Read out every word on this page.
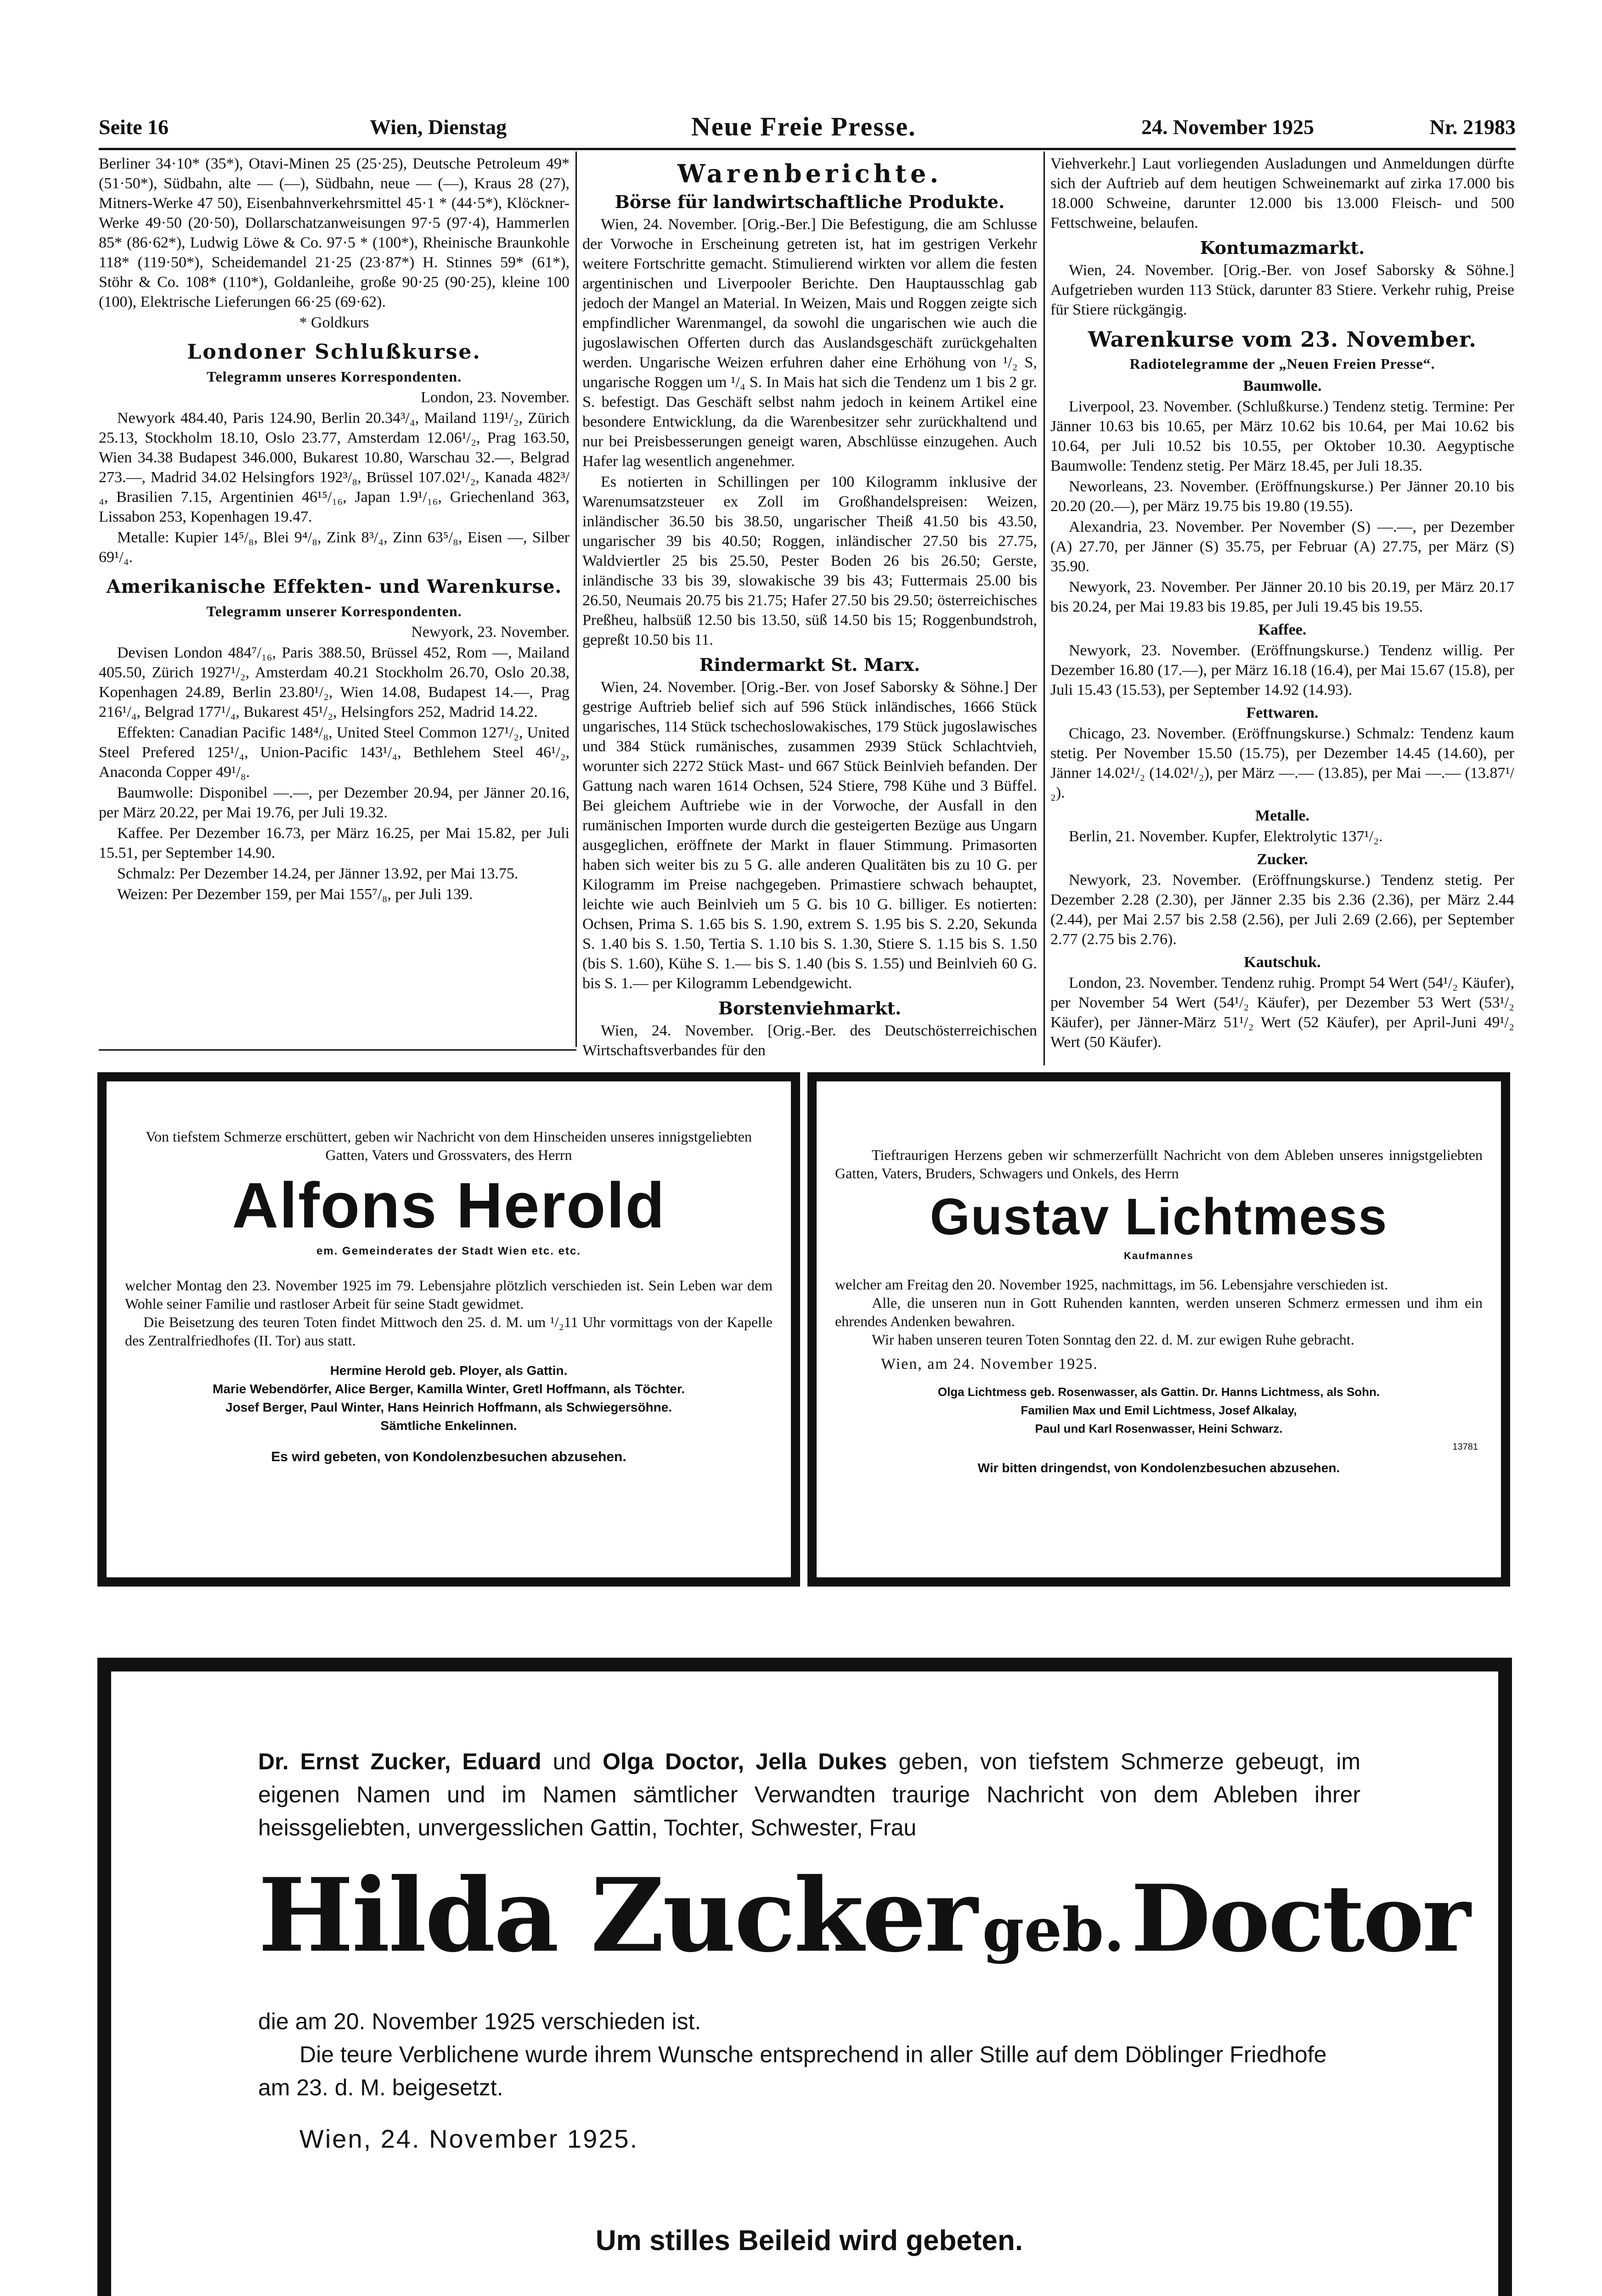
Seite 16	Wien, Dienstag	Neue Freie Presse.	24. November 1925	Nr. 21983

Berliner 34·10* (35*), Otavi-Minen 25 (25·25), Deutsche Petroleum 49* (51·50*), Südbahn, alte — (—), Südbahn, neue — (—), Kraus 28 (27), Mitners-Werke 47 50), Eisenbahnverkehrsmittel 45·1 * (44·5*), Klöckner-Werke 49·50 (20·50), Dollarschatzanweisungen 97·5 (97·4), Hammerlen 85* (86·62*), Ludwig Löwe & Co. 97·5 * (100*), Rheinische Braunkohle 118* (119·50*), Scheidemandel 21·25 (23·87*) H. Stinnes 59* (61*), Stöhr & Co. 108* (110*), Goldanleihe, große 90·25 (90·25), kleine 100 (100), Elektrische Lieferungen 66·25 (69·62).

* Goldkurs

Londoner Schlußkurse.
Telegramm unseres Korrespondenten.

London, 23. November.

Newyork 484.40, Paris 124.90, Berlin 20.34³/₄, Mailand 119¹/₂, Zürich 25.13, Stockholm 18.10, Oslo 23.77, Amsterdam 12.06¹/₂, Prag 163.50, Wien 34.38 Budapest 346.000, Bukarest 10.80, Warschau 32.—, Belgrad 273.—, Madrid 34.02 Helsingfors 192³/₈, Brüssel 107.02¹/₂, Kanada 482³/₄, Brasilien 7.15, Argentinien 46¹⁵/₁₆, Japan 1.9¹/₁₆, Griechenland 363, Lissabon 253, Kopenhagen 19.47.

Metalle: Kupier 14⁵/₈, Blei 9⁴/₈, Zink 8³/₄, Zinn 63⁵/₈, Eisen —, Silber 69¹/₄.

Amerikanische Effekten- und Warenkurse.
Telegramm unserer Korrespondenten.

Newyork, 23. November.

Devisen London 484⁷/₁₆, Paris 388.50, Brüssel 452, Rom —, Mailand 405.50, Zürich 1927¹/₂, Amsterdam 40.21 Stockholm 26.70, Oslo 20.38, Kopenhagen 24.89, Berlin 23.80¹/₂, Wien 14.08, Budapest 14.—, Prag 216¹/₄, Belgrad 177¹/₄, Bukarest 45¹/₂, Helsingfors 252, Madrid 14.22.

Effekten: Canadian Pacific 148⁴/₈, United Steel Common 127¹/₂, United Steel Prefered 125¹/₄, Union-Pacific 143¹/₄, Bethlehem Steel 46¹/₂, Anaconda Copper 49¹/₈.

Baumwolle: Disponibel —.—, per Dezember 20.94, per Jänner 20.16, per März 20.22, per Mai 19.76, per Juli 19.32.

Kaffee. Per Dezember 16.73, per März 16.25, per Mai 15.82, per Juli 15.51, per September 14.90.

Schmalz: Per Dezember 14.24, per Jänner 13.92, per Mai 13.75.

Weizen: Per Dezember 159, per Mai 155⁷/₈, per Juli 139.

Warenberichte.
Börse für landwirtschaftliche Produkte.

Wien, 24. November. [Orig.-Ber.] Die Befestigung, die am Schlusse der Vorwoche in Erscheinung getreten ist, hat im gestrigen Verkehr weitere Fortschritte gemacht. Stimulierend wirkten vor allem die festen argentinischen und Liverpooler Berichte. Den Hauptausschlag gab jedoch der Mangel an Material. In Weizen, Mais und Roggen zeigte sich empfindlicher Warenmangel, da sowohl die ungarischen wie auch die jugoslawischen Offerten durch das Auslandsgeschäft zurückgehalten werden. Ungarische Weizen erfuhren daher eine Erhöhung von ¹/₂ S, ungarische Roggen um ¹/₄ S. In Mais hat sich die Tendenz um 1 bis 2 gr. S. befestigt. Das Geschäft selbst nahm jedoch in keinem Artikel eine besondere Entwicklung, da die Warenbesitzer sehr zurückhaltend und nur bei Preisbesserungen geneigt waren, Abschlüsse einzugehen. Auch Hafer lag wesentlich angenehmer.

Es notierten in Schillingen per 100 Kilogramm inklusive der Warenumsatzsteuer ex Zoll im Großhandelspreisen: Weizen, inländischer 36.50 bis 38.50, ungarischer Theiß 41.50 bis 43.50, ungarischer 39 bis 40.50; Roggen, inländischer 27.50 bis 27.75, Waldviertler 25 bis 25.50, Pester Boden 26 bis 26.50; Gerste, inländische 33 bis 39, slowakische 39 bis 43; Futtermais 25.00 bis 26.50, Neumais 20.75 bis 21.75; Hafer 27.50 bis 29.50; österreichisches Preßheu, halbsüß 12.50 bis 13.50, süß 14.50 bis 15; Roggenbundstroh, gepreßt 10.50 bis 11.

Rindermarkt St. Marx.

Wien, 24. November. [Orig.-Ber. von Josef Saborsky & Söhne.] Der gestrige Auftrieb belief sich auf 596 Stück inländisches, 1666 Stück ungarisches, 114 Stück tschechoslowakisches, 179 Stück jugoslawisches und 384 Stück rumänisches, zusammen 2939 Stück Schlachtvieh, worunter sich 2272 Stück Mast- und 667 Stück Beinlvieh befanden. Der Gattung nach waren 1614 Ochsen, 524 Stiere, 798 Kühe und 3 Büffel. Bei gleichem Auftriebe wie in der Vorwoche, der Ausfall in den rumänischen Importen wurde durch die gesteigerten Bezüge aus Ungarn ausgeglichen, eröffnete der Markt in flauer Stimmung. Primasorten haben sich weiter bis zu 5 G. alle anderen Qualitäten bis zu 10 G. per Kilogramm im Preise nachgegeben. Primastiere schwach behauptet, leichte wie auch Beinlvieh um 5 G. bis 10 G. billiger. Es notierten: Ochsen, Prima S. 1.65 bis S. 1.90, extrem S. 1.95 bis S. 2.20, Sekunda S. 1.40 bis S. 1.50, Tertia S. 1.10 bis S. 1.30, Stiere S. 1.15 bis S. 1.50 (bis S. 1.60), Kühe S. 1.— bis S. 1.40 (bis S. 1.55) und Beinlvieh 60 G. bis S. 1.— per Kilogramm Lebendgewicht.

Borstenviehmarkt.

Wien, 24. November. [Orig.-Ber. des Deutschösterreichischen Wirtschaftsverbandes für den

Viehverkehr.] Laut vorliegenden Ausladungen und Anmeldungen dürfte sich der Auftrieb auf dem heutigen Schweinemarkt auf zirka 17.000 bis 18.000 Schweine, darunter 12.000 bis 13.000 Fleisch- und 500 Fettschweine, belaufen.

Kontumazmarkt.

Wien, 24. November. [Orig.-Ber. von Josef Saborsky & Söhne.] Aufgetrieben wurden 113 Stück, darunter 83 Stiere. Verkehr ruhig, Preise für Stiere rückgängig.

Warenkurse vom 23. November.
Radiotelegramme der „Neuen Freien Presse“.
Baumwolle.

Liverpool, 23. November. (Schlußkurse.) Tendenz stetig. Termine: Per Jänner 10.63 bis 10.65, per März 10.62 bis 10.64, per Mai 10.62 bis 10.64, per Juli 10.52 bis 10.55, per Oktober 10.30. Aegyptische Baumwolle: Tendenz stetig. Per März 18.45, per Juli 18.35.

Neworleans, 23. November. (Eröffnungskurse.) Per Jänner 20.10 bis 20.20 (20.—), per März 19.75 bis 19.80 (19.55).

Alexandria, 23. November. Per November (S) —.—, per Dezember (A) 27.70, per Jänner (S) 35.75, per Februar (A) 27.75, per März (S) 35.90.

Newyork, 23. November. Per Jänner 20.10 bis 20.19, per März 20.17 bis 20.24, per Mai 19.83 bis 19.85, per Juli 19.45 bis 19.55.

Kaffee.

Newyork, 23. November. (Eröffnungskurse.) Tendenz willig. Per Dezember 16.80 (17.—), per März 16.18 (16.4), per Mai 15.67 (15.8), per Juli 15.43 (15.53), per September 14.92 (14.93).

Fettwaren.

Chicago, 23. November. (Eröffnungskurse.) Schmalz: Tendenz kaum stetig. Per November 15.50 (15.75), per Dezember 14.45 (14.60), per Jänner 14.02¹/₂ (14.02¹/₂), per März —.— (13.85), per Mai —.— (13.87¹/₂).

Metalle.

Berlin, 21. November. Kupfer, Elektrolytic 137¹/₂.

Zucker.

Newyork, 23. November. (Eröffnungskurse.) Tendenz stetig. Per Dezember 2.28 (2.30), per Jänner 2.35 bis 2.36 (2.36), per März 2.44 (2.44), per Mai 2.57 bis 2.58 (2.56), per Juli 2.69 (2.66), per September 2.77 (2.75 bis 2.76).

Kautschuk.

London, 23. November. Tendenz ruhig. Prompt 54 Wert (54¹/₂ Käufer), per November 54 Wert (54¹/₂ Käufer), per Dezember 53 Wert (53¹/₂ Käufer), per Jänner-März 51¹/₂ Wert (52 Käufer), per April-Juni 49¹/₂ Wert (50 Käufer).

Von tiefstem Schmerze erschüttert, geben wir Nachricht von dem Hinscheiden unseres innigstgeliebten Gatten, Vaters und Grossvaters, des Herrn

Alfons Herold

em. Gemeinderates der Stadt Wien etc. etc.

welcher Montag den 23. November 1925 im 79. Lebensjahre plötzlich verschieden ist. Sein Leben war dem Wohle seiner Familie und rastloser Arbeit für seine Stadt gewidmet.

Die Beisetzung des teuren Toten findet Mittwoch den 25. d. M. um ¹/₂11 Uhr vormittags von der Kapelle des Zentralfriedhofes (II. Tor) aus statt.

Hermine Herold geb. Ployer, als Gattin.

Marie Webendörfer, Alice Berger, Kamilla Winter, Gretl Hoffmann, als Töchter.

Josef Berger, Paul Winter, Hans Heinrich Hoffmann, als Schwiegersöhne.

Sämtliche Enkelinnen.

Es wird gebeten, von Kondolenzbesuchen abzusehen.

Tieftraurigen Herzens geben wir schmerzerfüllt Nachricht von dem Ableben unseres innigstgeliebten Gatten, Vaters, Bruders, Schwagers und Onkels, des Herrn

Gustav Lichtmess

Kaufmannes

welcher am Freitag den 20. November 1925, nachmittags, im 56. Lebensjahre verschieden ist.

Alle, die unseren nun in Gott Ruhenden kannten, werden unseren Schmerz ermessen und ihm ein ehrendes Andenken bewahren.

Wir haben unseren teuren Toten Sonntag den 22. d. M. zur ewigen Ruhe gebracht.

Wien, am 24. November 1925.

Olga Lichtmess geb. Rosenwasser, als Gattin. Dr. Hanns Lichtmess, als Sohn.

Familien Max und Emil Lichtmess, Josef Alkalay,

Paul und Karl Rosenwasser, Heini Schwarz.

13781

Wir bitten dringendst, von Kondolenzbesuchen abzusehen.

Dr. Ernst Zucker, Eduard und Olga Doctor, Jella Dukes geben, von tiefstem Schmerze gebeugt, im eigenen Namen und im Namen sämtlicher Verwandten traurige Nachricht von dem Ableben ihrer heissgeliebten, unvergesslichen Gattin, Tochter, Schwester, Frau

Hilda Zucker geb. Doctor

die am 20. November 1925 verschieden ist.

Die teure Verblichene wurde ihrem Wunsche entsprechend in aller Stille auf dem Döblinger Friedhofe am 23. d. M. beigesetzt.

Wien, 24. November 1925.

Um stilles Beileid wird gebeten.
